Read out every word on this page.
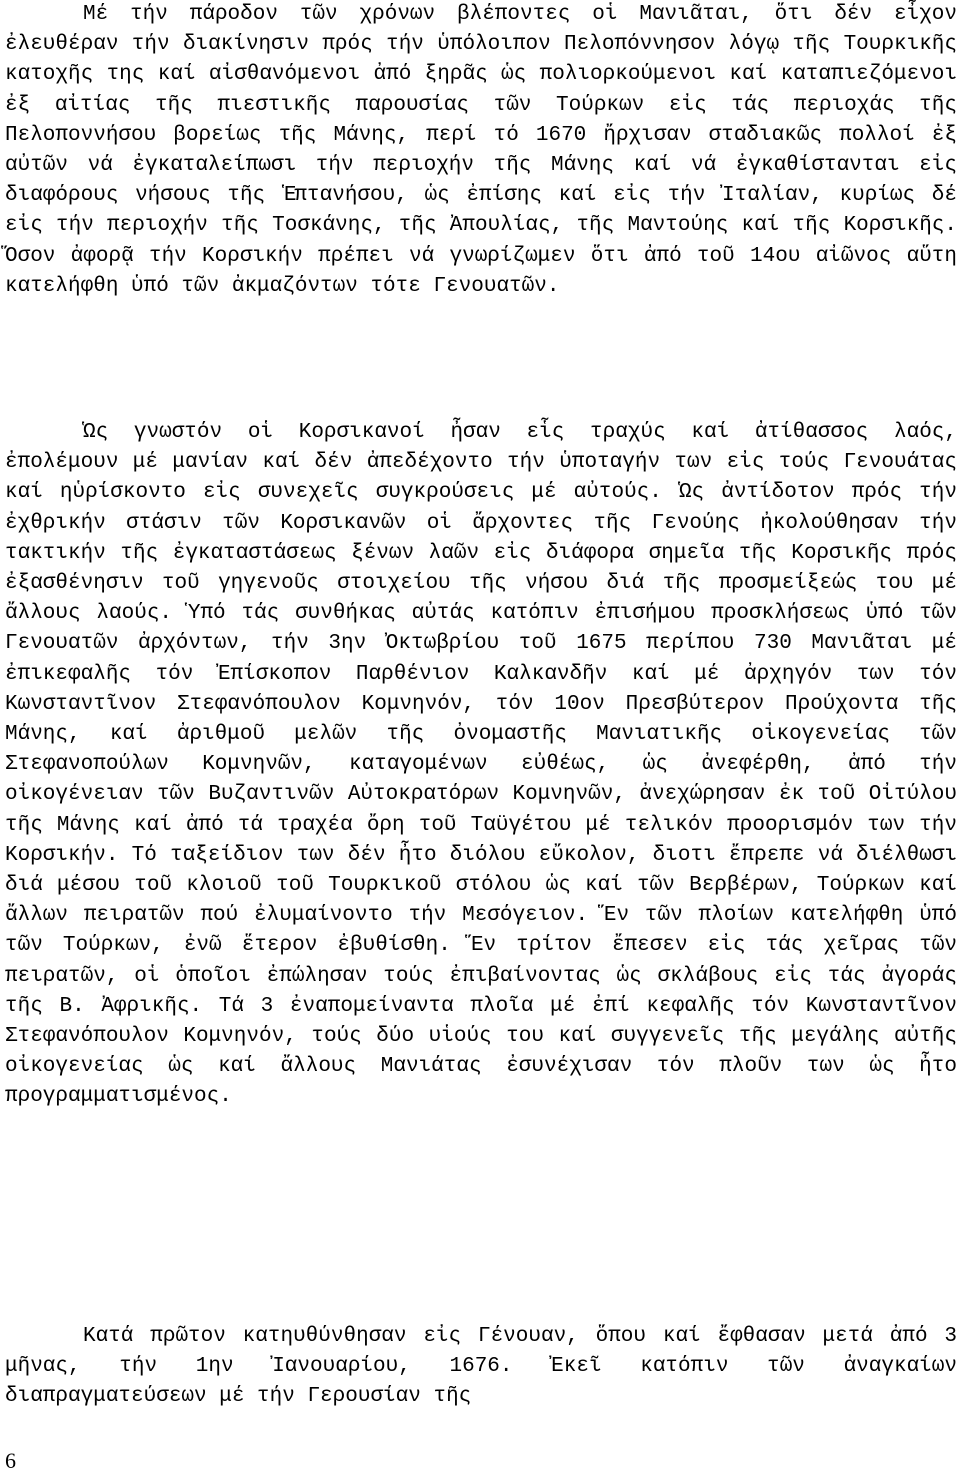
Μέ τήν πάροδον τῶν χρόνων βλέποντες οἱ Μανιᾶται, ὅτι δέν εἶχον ἐλευθέραν τήν διακίνησιν πρός τήν ὑπόλοιπον Πελοπόννησον λόγῳ τῆς Τουρκικῆς κατοχῆς της καί αἰσθανόμενοι ἀπό ξηρᾶς ὡς πολιορκούμενοι καί καταπιεζόμενοι ἐξ αἰτίας τῆς πιεστικῆς παρουσίας τῶν Τούρκων εἰς τάς περιοχάς τῆς Πελοποννήσου βορείως τῆς Μάνης, περί τό 1670 ἤρχισαν σταδιακῶς πολλοί ἐξ αὐτῶν νά ἐγκαταλείπωσι τήν περιοχήν τῆς Μάνης καί νά ἐγκαθίστανται εἰς διαφόρους νήσους τῆς Ἑπτανήσου, ὡς ἐπίσης καί εἰς τήν Ἰταλίαν, κυρίως δέ εἰς τήν περιοχήν τῆς Τοσκάνης, τῆς Ἀπουλίας, τῆς Μαντούης καί τῆς Κορσικῆς. Ὅσον ἀφορᾷ τήν Κορσικήν πρέπει νά γνωρίζωμεν ὅτι ἀπό τοῦ 14ου αἰῶνος αὕτη κατελήφθη ὑπό τῶν ἀκμαζόντων τότε Γενουατῶν.

Ὡς γνωστόν οἱ Κορσικανοί ἦσαν εἷς τραχύς καί ἀτίθασσος λαός, ἐπολέμουν μέ μανίαν καί δέν ἀπεδέχοντο τήν ὑποταγήν των εἰς τούς Γενουάτας καί ηὑρίσκοντο εἰς συνεχεῖς συγκρούσεις μέ αὐτούς. Ὡς ἀντίδοτον πρός τήν ἐχθρικήν στάσιν τῶν Κορσικανῶν οἱ ἄρχοντες τῆς Γενούης ἠκολούθησαν τήν τακτικήν τῆς ἐγκαταστάσεως ξένων λαῶν εἰς διάφορα σημεῖα τῆς Κορσικῆς πρός ἐξασθένησιν τοῦ γηγενοῦς στοιχείου τῆς νήσου διά τῆς προσμείξεώς του μέ ἄλλους λαούς. Ὑπό τάς συνθήκας αὐτάς κατόπιν ἐπισήμου προσκλήσεως ὑπό τῶν Γενουατῶν ἀρχόντων, τήν 3ην Ὀκτωβρίου τοῦ 1675 περίπου 730 Μανιᾶται μέ ἐπικεφαλῆς τόν Ἐπίσκοπον Παρθένιον Καλκανδῆν καί μέ ἀρχηγόν των τόν Κωνσταντῖνον Στεφανόπουλον Κομνηνόν, τόν 10ον Πρεσβύτερον Προύχοντα τῆς Μάνης, καί ἀριθμοῦ μελῶν τῆς ὀνομαστῆς Μανιατικῆς οἰκογενείας τῶν Στεφανοπούλων Κομνηνῶν, καταγομένων εὐθέως, ὡς ἀνεφέρθη, ἀπό τήν οἰκογένειαν τῶν Βυζαντινῶν Αὐτοκρατόρων Κομνηνῶν, ἀνεχώρησαν ἐκ τοῦ Οἰτύλου τῆς Μάνης καί ἀπό τά τραχέα ὄρη τοῦ Ταϋγέτου μέ τελικόν προορισμόν των τήν Κορσικήν. Τό ταξείδιον των δέν ἦτο διόλου εὔκολον, διοτι ἔπρεπε νά διέλθωσι διά μέσου τοῦ κλοιοῦ τοῦ Τουρκικοῦ στόλου ὡς καί τῶν Βερβέρων, Τούρκων καί ἄλλων πειρατῶν πού ἐλυμαίνοντο τήν Μεσόγειον. Ἕν τῶν πλοίων κατελήφθη ὑπό τῶν Τούρκων, ἐνῶ ἕτερον ἐβυθίσθη. Ἕν τρίτον ἔπεσεν εἰς τάς χεῖρας τῶν πειρατῶν, οἱ ὁποῖοι ἐπώλησαν τούς ἐπιβαίνοντας ὡς σκλάβους εἰς τάς ἀγοράς τῆς Β. Ἀφρικῆς. Τά 3 ἐναπομείναντα πλοῖα μέ ἐπί κεφαλῆς τόν Κωνσταντῖνον Στεφανόπουλον Κομνηνόν, τούς δύο υἱούς του καί συγγενεῖς τῆς μεγάλης αὐτῆς οἰκογενείας ὡς καί ἄλλους Μανιάτας ἐσυνέχισαν τόν πλοῦν των ὡς ἦτο προγραμματισμένος.

Κατά πρῶτον κατηυθύνθησαν εἰς Γένουαν, ὅπου καί ἔφθασαν μετά ἀπό 3 μῆνας, τήν 1ην Ἰανουαρίου, 1676. Ἐκεῖ κατόπιν τῶν ἀναγκαίων διαπραγματεύσεων μέ τήν Γερουσίαν τῆς

6
